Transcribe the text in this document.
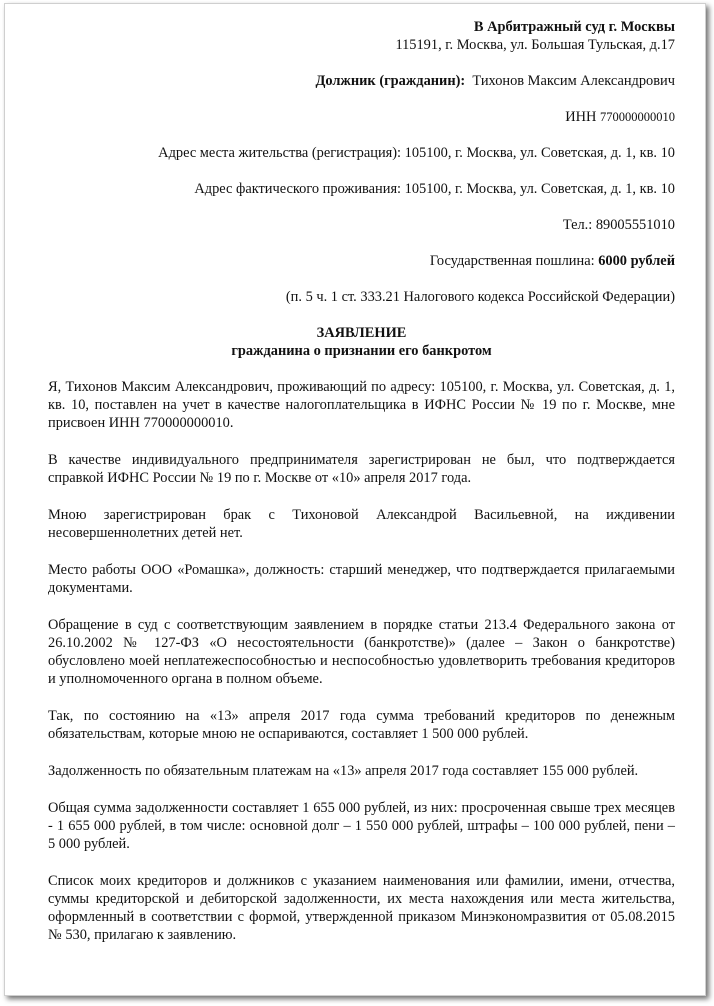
В Арбитражный суд г. Москвы

115191, г. Москва, ул. Большая Тульская, д.17

Должник (гражданин): Тихонов Максим Александрович

ИНН 770000000010

Адрес места жительства (регистрация): 105100, г. Москва, ул. Советская, д. 1, кв. 10

Адрес фактического проживания: 105100, г. Москва, ул. Советская, д. 1, кв. 10

Тел.: 89005551010

Государственная пошлина: 6000 рублей

(п. 5 ч. 1 ст. 333.21 Налогового кодекса Российской Федерации)

ЗАЯВЛЕНИЕ

гражданина о признании его банкротом

Я, Тихонов Максим Александрович, проживающий по адресу: 105100, г. Москва, ул. Советская, д. 1, кв. 10, поставлен на учет в качестве налогоплательщика в ИФНС России № 19 по г. Москве, мне присвоен ИНН 770000000010.

В качестве индивидуального предпринимателя зарегистрирован не был, что подтверждается справкой ИФНС России № 19 по г. Москве от «10» апреля 2017 года.

Мною зарегистрирован брак с Тихоновой Александрой Васильевной, на иждивении несовершеннолетних детей нет.

Место работы ООО «Ромашка», должность: старший менеджер, что подтверждается прилагаемыми документами.

Обращение в суд с соответствующим заявлением в порядке статьи 213.4 Федерального закона от 26.10.2002 № 127-ФЗ «О несостоятельности (банкротстве)» (далее – Закон о банкротстве) обусловлено моей неплатежеспособностью и неспособностью удовлетворить требования кредиторов и уполномоченного органа в полном объеме.

Так, по состоянию на «13» апреля 2017 года сумма требований кредиторов по денежным обязательствам, которые мною не оспариваются, составляет 1 500 000 рублей.

Задолженность по обязательным платежам на «13» апреля 2017 года составляет 155 000 рублей.

Общая сумма задолженности составляет 1 655 000 рублей, из них: просроченная свыше трех месяцев - 1 655 000 рублей, в том числе: основной долг – 1 550 000 рублей, штрафы – 100 000 рублей, пени – 5 000 рублей.

Список моих кредиторов и должников с указанием наименования или фамилии, имени, отчества, суммы кредиторской и дебиторской задолженности, их места нахождения или места жительства, оформленный в соответствии с формой, утвержденной приказом Минэкономразвития от 05.08.2015 № 530, прилагаю к заявлению.
